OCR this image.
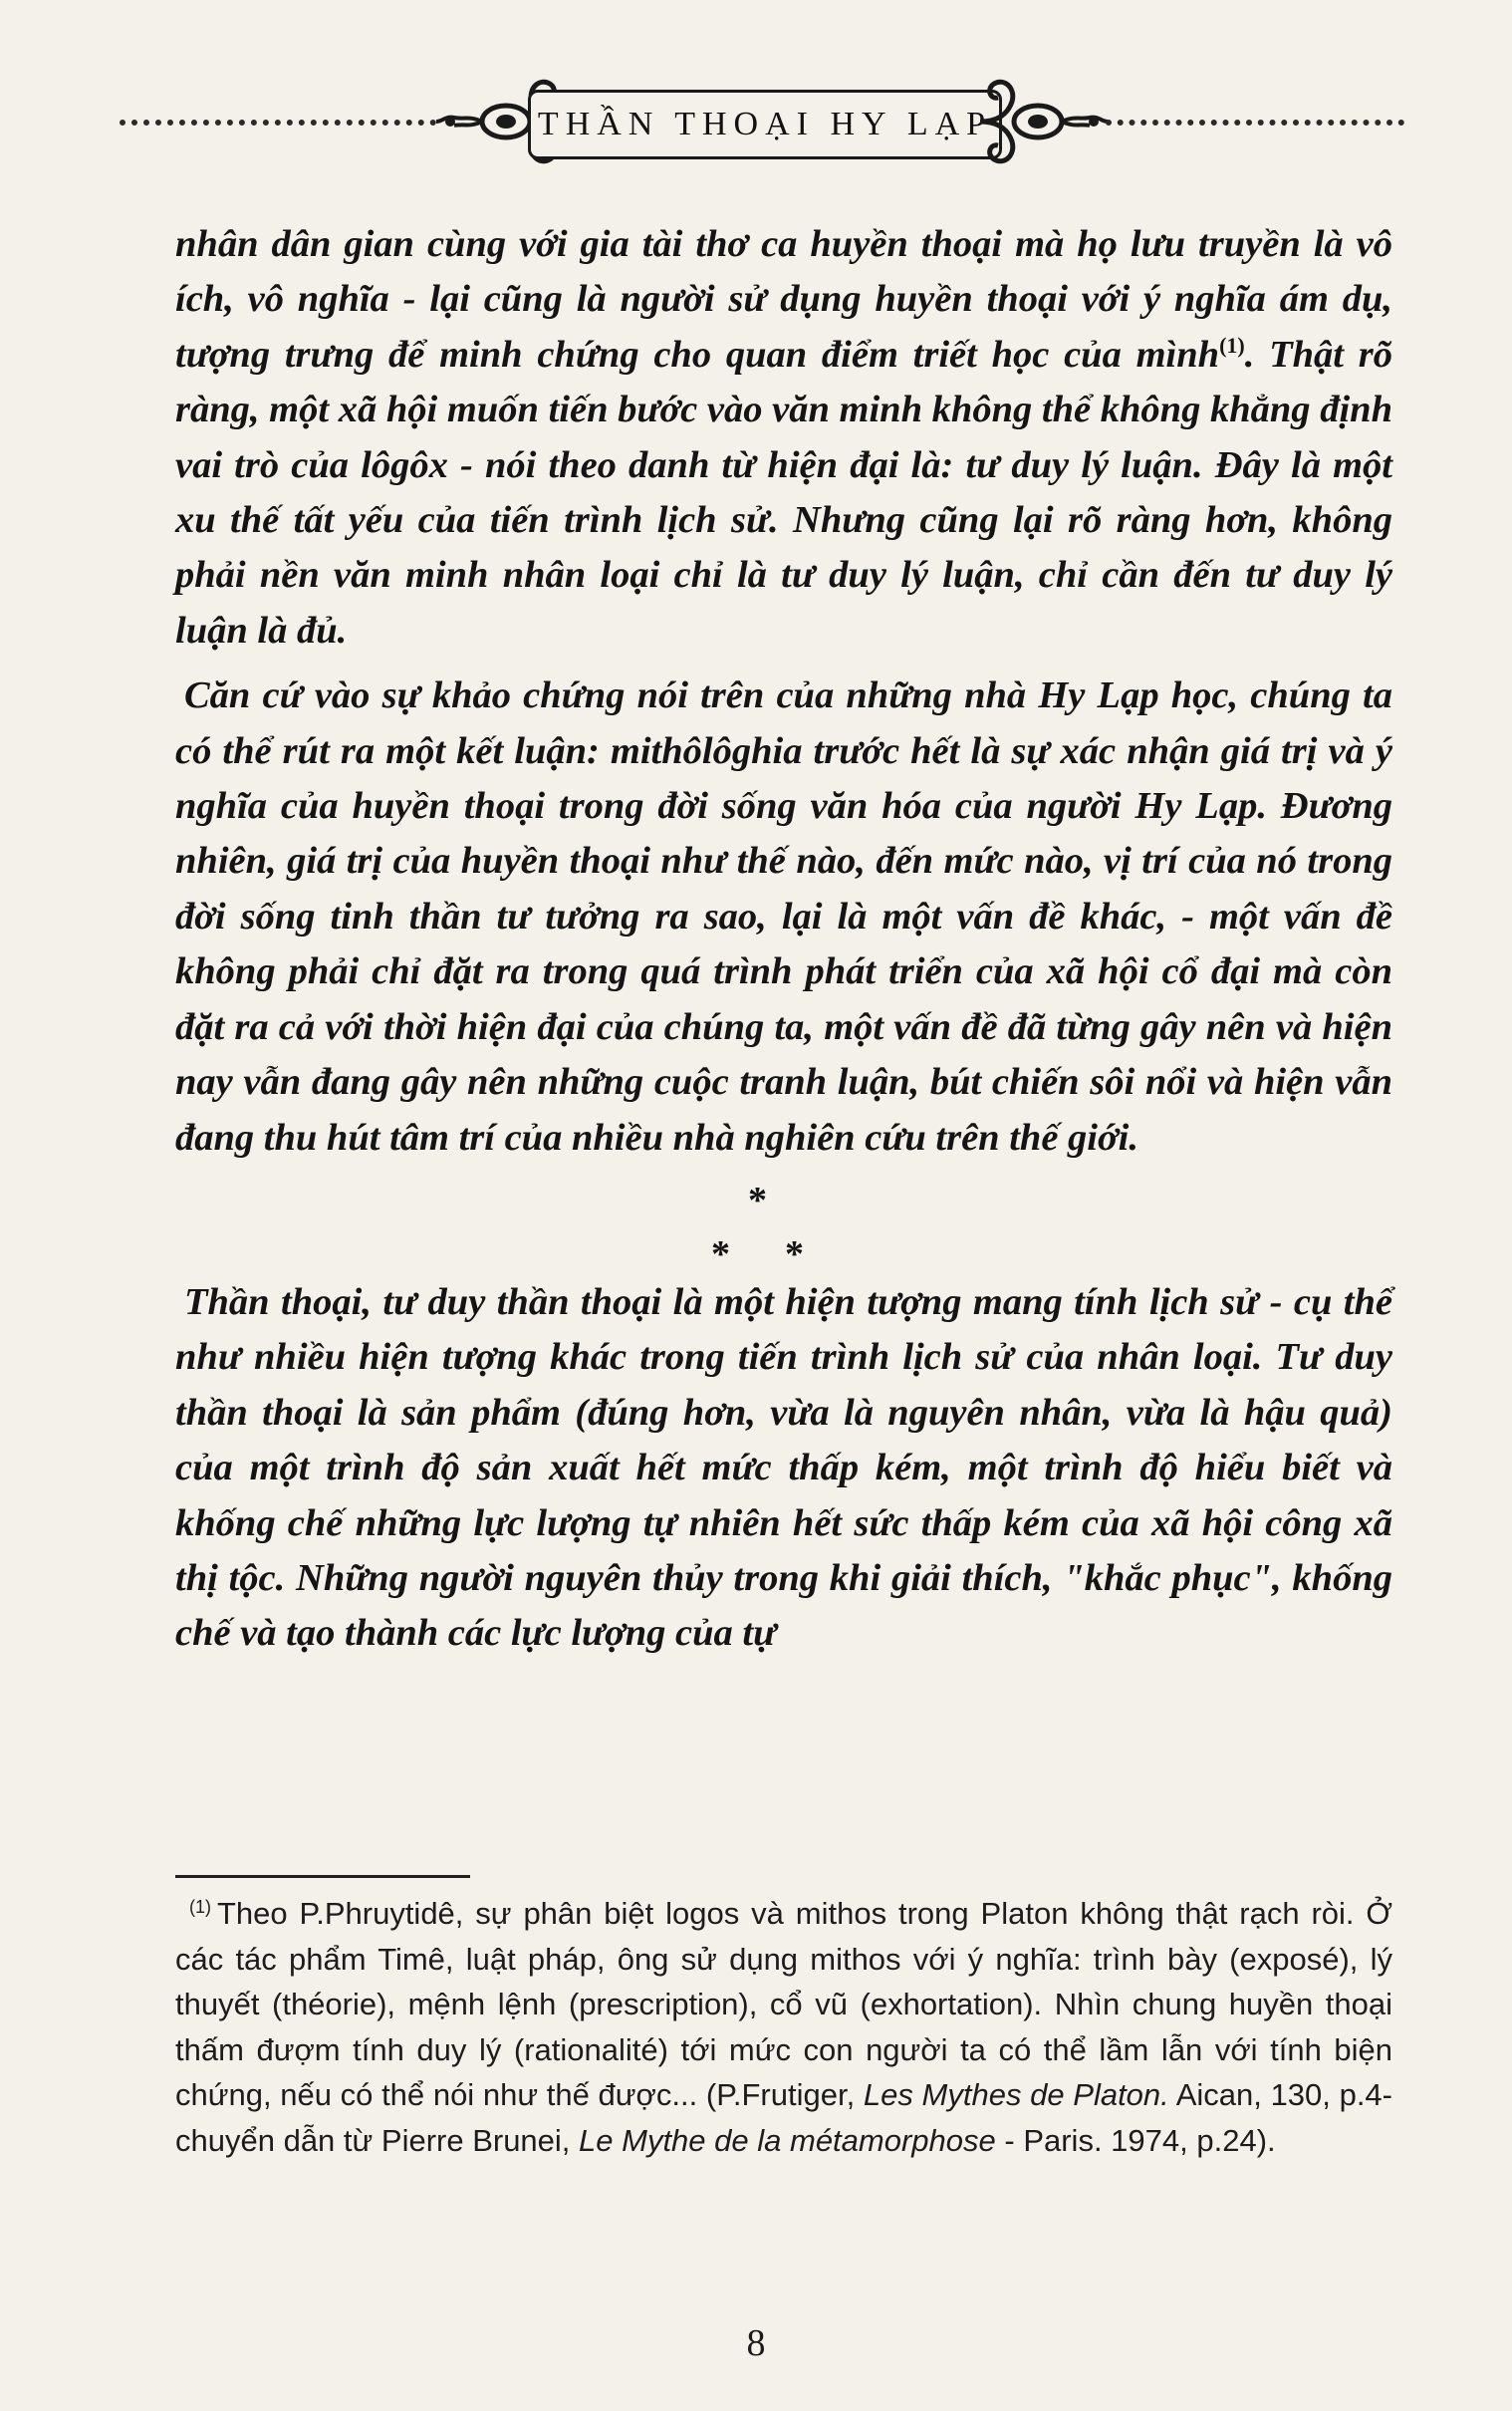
THẦN THOẠI HY LẠP

nhân dân gian cùng với gia tài thơ ca huyền thoại mà họ lưu truyền là vô ích, vô nghĩa - lại cũng là người sử dụng huyền thoại với ý nghĩa ám dụ, tượng trưng để minh chứng cho quan điểm triết học của mình$^{(1)}$. Thật rõ ràng, một xã hội muốn tiến bước vào văn minh không thể không khẳng định vai trò của lôgôx - nói theo danh từ hiện đại là: tư duy lý luận. Đây là một xu thế tất yếu của tiến trình lịch sử. Nhưng cũng lại rõ ràng hơn, không phải nền văn minh nhân loại chỉ là tư duy lý luận, chỉ cần đến tư duy lý luận là đủ.

Căn cứ vào sự khảo chứng nói trên của những nhà Hy Lạp học, chúng ta có thể rút ra một kết luận: mithôlôghia trước hết là sự xác nhận giá trị và ý nghĩa của huyền thoại trong đời sống văn hóa của người Hy Lạp. Đương nhiên, giá trị của huyền thoại như thế nào, đến mức nào, vị trí của nó trong đời sống tinh thần tư tưởng ra sao, lại là một vấn đề khác, - một vấn đề không phải chỉ đặt ra trong quá trình phát triển của xã hội cổ đại mà còn đặt ra cả với thời hiện đại của chúng ta, một vấn đề đã từng gây nên và hiện nay vẫn đang gây nên những cuộc tranh luận, bút chiến sôi nổi và hiện vẫn đang thu hút tâm trí của nhiều nhà nghiên cứu trên thế giới.

*
* *

Thần thoại, tư duy thần thoại là một hiện tượng mang tính lịch sử - cụ thể như nhiều hiện tượng khác trong tiến trình lịch sử của nhân loại. Tư duy thần thoại là sản phẩm (đúng hơn, vừa là nguyên nhân, vừa là hậu quả) của một trình độ sản xuất hết mức thấp kém, một trình độ hiểu biết và khống chế những lực lượng tự nhiên hết sức thấp kém của xã hội công xã thị tộc. Những người nguyên thủy trong khi giải thích, "khắc phục", khống chế và tạo thành các lực lượng của tự

$^{(1)}$ Theo P.Phruytidê, sự phân biệt logos và mithos trong Platon không thật rạch ròi. Ở các tác phẩm Timê, luật pháp, ông sử dụng mithos với ý nghĩa: trình bày (exposé), lý thuyết (théorie), mệnh lệnh (prescription), cổ vũ (exhortation). Nhìn chung huyền thoại thấm đượm tính duy lý (rationalité) tới mức con người ta có thể lầm lẫn với tính biện chứng, nếu có thể nói như thế được... (P.Frutiger, Les Mythes de Platon. Aican, 130, p.4- chuyển dẫn từ Pierre Brunei, Le Mythe de la métamorphose - Paris. 1974, p.24).
8
